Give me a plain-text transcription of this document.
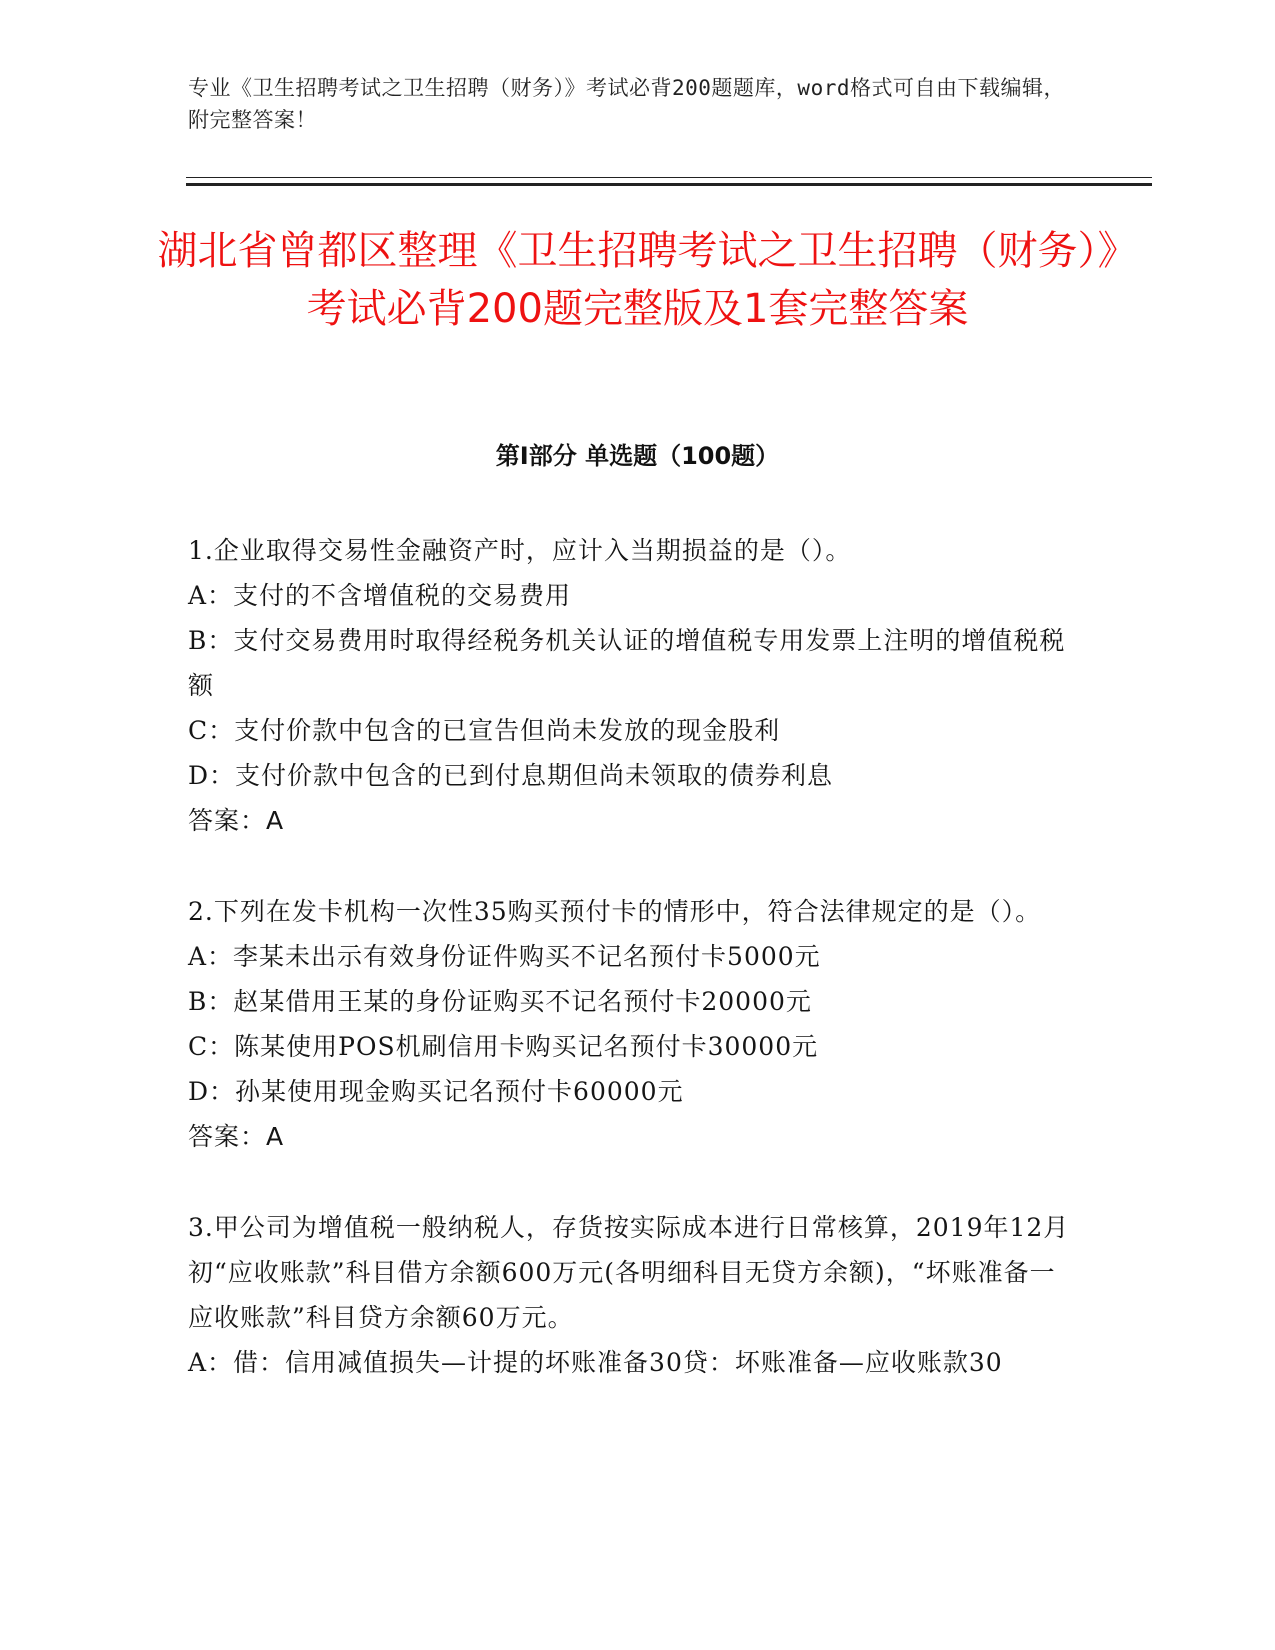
专业《卫生招聘考试之卫生招聘（财务）》考试必背200题题库，word格式可自由下载编辑，附完整答案！
湖北省曾都区整理《卫生招聘考试之卫生招聘（财务）》考试必背200题完整版及1套完整答案
第Ⅰ部分 单选题（100题）

1.企业取得交易性金融资产时，应计入当期损益的是（）。

A：支付的不含增值税的交易费用

B：支付交易费用时取得经税务机关认证的增值税专用发票上注明的增值税税额

C：支付价款中包含的已宣告但尚未发放的现金股利

D：支付价款中包含的已到付息期但尚未领取的债券利息

答案：A

2.下列在发卡机构一次性35购买预付卡的情形中，符合法律规定的是（）。

A：李某未出示有效身份证件购买不记名预付卡5000元

B：赵某借用王某的身份证购买不记名预付卡20000元

C：陈某使用POS机刷信用卡购买记名预付卡30000元

D：孙某使用现金购买记名预付卡60000元

答案：A

3.甲公司为增值税一般纳税人，存货按实际成本进行日常核算，2019年12月初“应收账款”科目借方余额600万元(各明细科目无贷方余额)，“坏账准备一应收账款”科目贷方余额60万元。

A：借：信用减值损失—计提的坏账准备30贷：坏账准备—应收账款30
